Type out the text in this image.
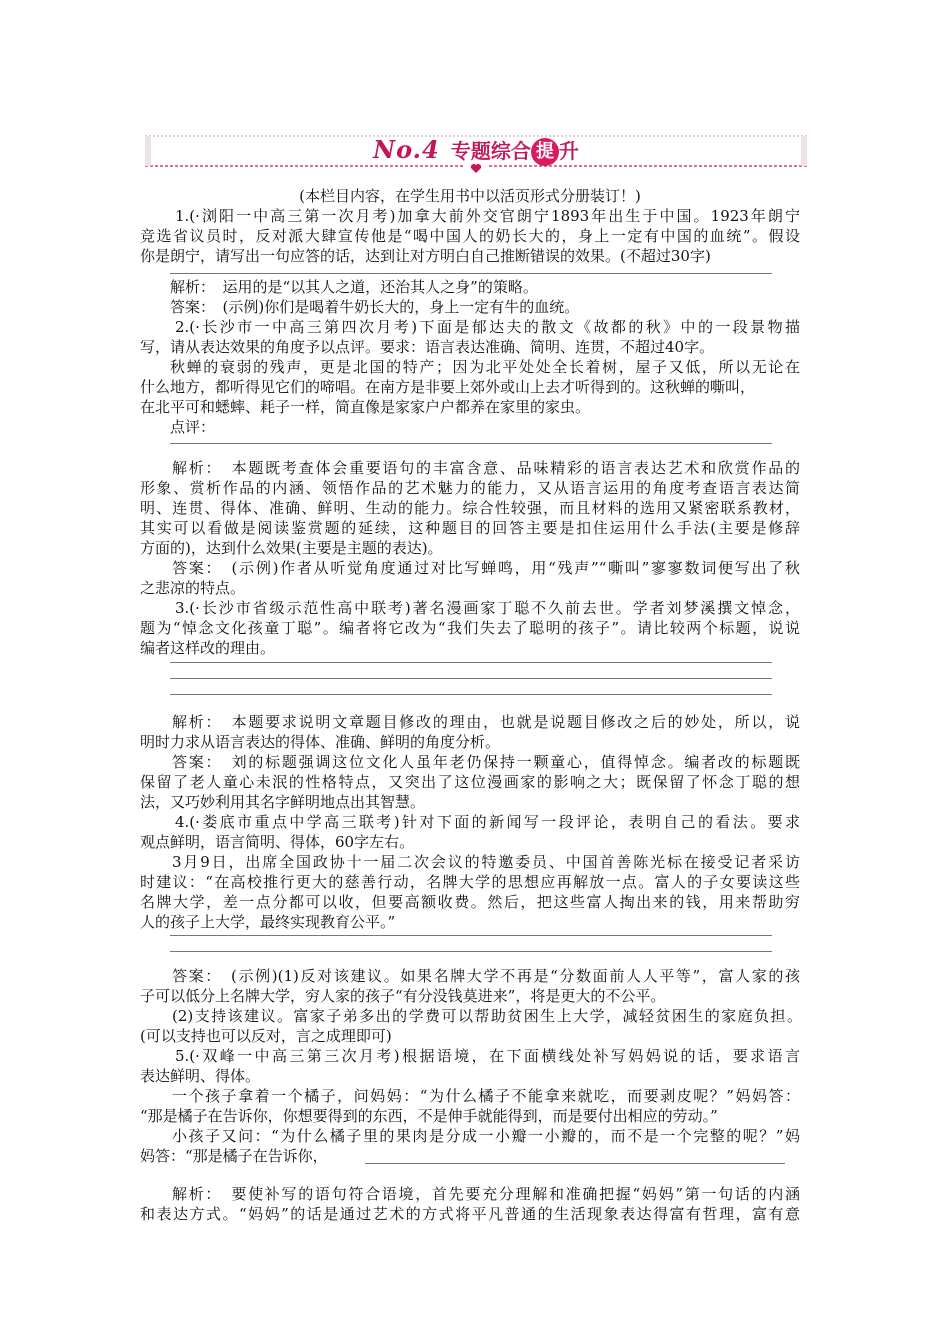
No.4 专题综合 提 升
(本栏目内容，在学生用书中以活页形式分册装订！)
1.(·浏阳一中高三第一次月考)加拿大前外交官朗宁1893年出生于中国。1923年朗宁
竞选省议员时，反对派大肆宣传他是“喝中国人的奶长大的，身上一定有中国的血统”。假设
你是朗宁，请写出一句应答的话，达到让对方明白自己推断错误的效果。(不超过30字)
解析：　运用的是“以其人之道，还治其人之身”的策略。
答案：　(示例)你们是喝着牛奶长大的，身上一定有牛的血统。
2.(·长沙市一中高三第四次月考)下面是郁达夫的散文《故都的秋》中的一段景物描
写，请从表达效果的角度予以点评。要求：语言表达准确、简明、连贯，不超过40字。
秋蝉的衰弱的残声，更是北国的特产；因为北平处处全长着树，屋子又低，所以无论在
什么地方，都听得见它们的啼唱。在南方是非要上郊外或山上去才听得到的。这秋蝉的嘶叫，
在北平可和蟋蟀、耗子一样，简直像是家家户户都养在家里的家虫。
点评：
解析：　本题既考查体会重要语句的丰富含意、品味精彩的语言表达艺术和欣赏作品的
形象、赏析作品的内涵、领悟作品的艺术魅力的能力，又从语言运用的角度考查语言表达简
明、连贯、得体、准确、鲜明、生动的能力。综合性较强，而且材料的选用又紧密联系教材，
其实可以看做是阅读鉴赏题的延续，这种题目的回答主要是扣住运用什么手法(主要是修辞
方面的)，达到什么效果(主要是主题的表达)。
答案：　(示例)作者从听觉角度通过对比写蝉鸣，用“残声”“嘶叫”寥寥数词便写出了秋
之悲凉的特点。
3.(·长沙市省级示范性高中联考)著名漫画家丁聪不久前去世。学者刘梦溪撰文悼念，
题为“悼念文化孩童丁聪”。编者将它改为“我们失去了聪明的孩子”。请比较两个标题，说说
编者这样改的理由。
解析：　本题要求说明文章题目修改的理由，也就是说题目修改之后的妙处，所以，说
明时力求从语言表达的得体、准确、鲜明的角度分析。
答案：　刘的标题强调这位文化人虽年老仍保持一颗童心，值得悼念。编者改的标题既
保留了老人童心未泯的性格特点，又突出了这位漫画家的影响之大；既保留了怀念丁聪的想
法，又巧妙利用其名字鲜明地点出其智慧。
4.(·娄底市重点中学高三联考)针对下面的新闻写一段评论，表明自己的看法。要求
观点鲜明，语言简明、得体，60字左右。
3月9日，出席全国政协十一届二次会议的特邀委员、中国首善陈光标在接受记者采访
时建议：“在高校推行更大的慈善行动，名牌大学的思想应再解放一点。富人的子女要读这些
名牌大学，差一点分都可以收，但要高额收费。然后，把这些富人掏出来的钱，用来帮助穷
人的孩子上大学，最终实现教育公平。”
答案：　(示例)(1)反对该建议。如果名牌大学不再是“分数面前人人平等”，富人家的孩
子可以低分上名牌大学，穷人家的孩子“有分没钱莫进来”，将是更大的不公平。
(2)支持该建议。富家子弟多出的学费可以帮助贫困生上大学，减轻贫困生的家庭负担。
(可以支持也可以反对，言之成理即可)
5.(·双峰一中高三第三次月考)根据语境，在下面横线处补写妈妈说的话，要求语言
表达鲜明、得体。
一个孩子拿着一个橘子，问妈妈：“为什么橘子不能拿来就吃，而要剥皮呢？”妈妈答：
“那是橘子在告诉你，你想要得到的东西，不是伸手就能得到，而是要付出相应的劳动。”
小孩子又问：“为什么橘子里的果肉是分成一小瓣一小瓣的，而不是一个完整的呢？”妈
妈答：“那是橘子在告诉你，
解析：　要使补写的语句符合语境，首先要充分理解和准确把握“妈妈”第一句话的内涵
和表达方式。“妈妈”的话是通过艺术的方式将平凡普通的生活现象表达得富有哲理，富有意
